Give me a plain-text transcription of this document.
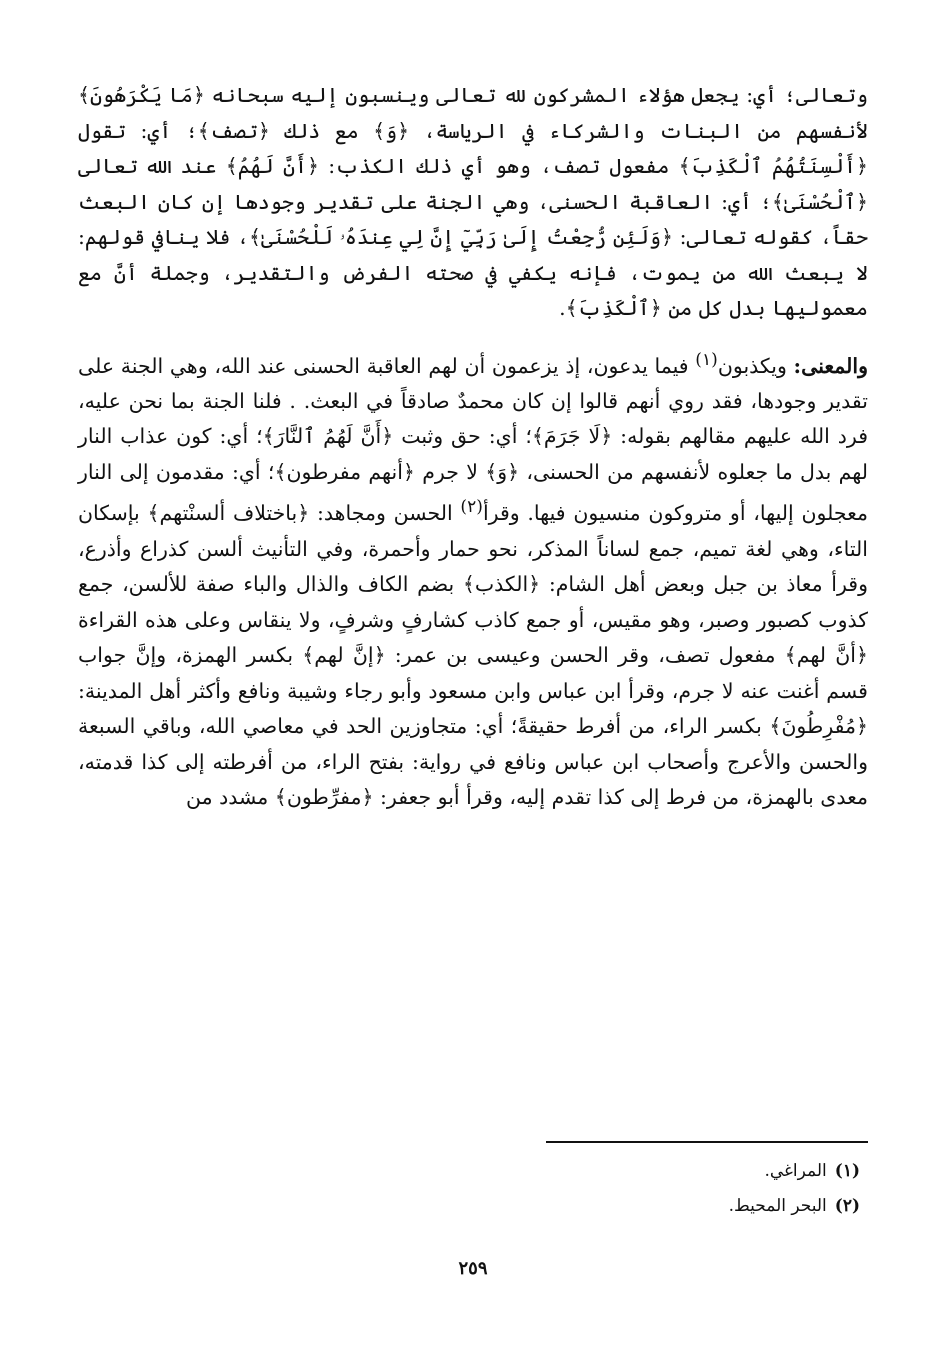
وتعالى؛ أي: يجعل هؤلاء المشركون لله تعالى وينسبون إليه سبحانه ﴿مَا يَكْرَهُونَ﴾ لأنفسهم من البنات والشركاء في الرياسة، ﴿وَ﴾ مع ذلك ﴿تصف﴾؛ أي: تقول ﴿أَلْسِنَتُهُمُ ٱلْكَذِبَ﴾ مفعول تصف، وهو أي ذلك الكذب: ﴿أَنَّ لَهُمُ﴾ عند الله تعالى ﴿ٱلْحُسْنَىٰ﴾؛ أي: العاقبة الحسنى، وهي الجنة على تقدير وجودها إن كان البعث حقاً، كقوله تعالى: ﴿وَلَئِن رُّجِعْتُ إِلَىٰ رَبِّيٓ إِنَّ لِي عِندَهُۥ لَلْحُسْنَىٰ﴾، فلا ينافي قولهم: لا يبعث الله من يموت، فإنه يكفي في صحته الفرض والتقدير، وجملة أنَّ مع معموليها بدل كل من ﴿ٱلْكَذِبَ﴾.

والمعنى: ويكذبون$^{(١)}$ فيما يدعون، إذ يزعمون أن لهم العاقبة الحسنى عند الله، وهي الجنة على تقدير وجودها، فقد روي أنهم قالوا إن كان محمدٌ صادقاً في البعث. . فلنا الجنة بما نحن عليه، فرد الله عليهم مقالهم بقوله: ﴿لَا جَرَمَ﴾؛ أي: حق وثبت ﴿أَنَّ لَهُمُ ٱلنَّارَ﴾؛ أي: كون عذاب النار لهم بدل ما جعلوه لأنفسهم من الحسنى، ﴿وَ﴾ لا جرم ﴿أنهم مفرطون﴾؛ أي: مقدمون إلى النار معجلون إليها، أو متروكون منسيون فيها. وقرأ$^{(٢)}$ الحسن ومجاهد: ﴿باختلاف ألسنْتهم﴾ بإسكان التاء، وهي لغة تميم، جمع لساناً المذكر، نحو حمار وأحمرة، وفي التأنيث ألسن كذراع وأذرع، وقرأ معاذ بن جبل وبعض أهل الشام: ﴿الكذب﴾ بضم الكاف والذال والباء صفة للألسن، جمع كذوب كصبور وصبر، وهو مقيس، أو جمع كاذب كشارفٍ وشرفٍ، ولا ينقاس وعلى هذه القراءة ﴿أنَّ لهم﴾ مفعول تصف، وقر الحسن وعيسى بن عمر: ﴿إنَّ لهم﴾ بكسر الهمزة، وإنَّ جواب قسم أغنت عنه لا جرم، وقرأ ابن عباس وابن مسعود وأبو رجاء وشيبة ونافع وأكثر أهل المدينة: ﴿مُفْرِطُونَ﴾ بكسر الراء، من أفرط حقيقةً؛ أي: متجاوزين الحد في معاصي الله، وباقي السبعة والحسن والأعرج وأصحاب ابن عباس ونافع في رواية: بفتح الراء، من أفرطته إلى كذا قدمته، معدى بالهمزة، من فرط إلى كذا تقدم إليه، وقرأ أبو جعفر: ﴿مفرِّطون﴾ مشدد من

(١)
المراغي.
(٢)
البحر المحيط.
٢٥٩
